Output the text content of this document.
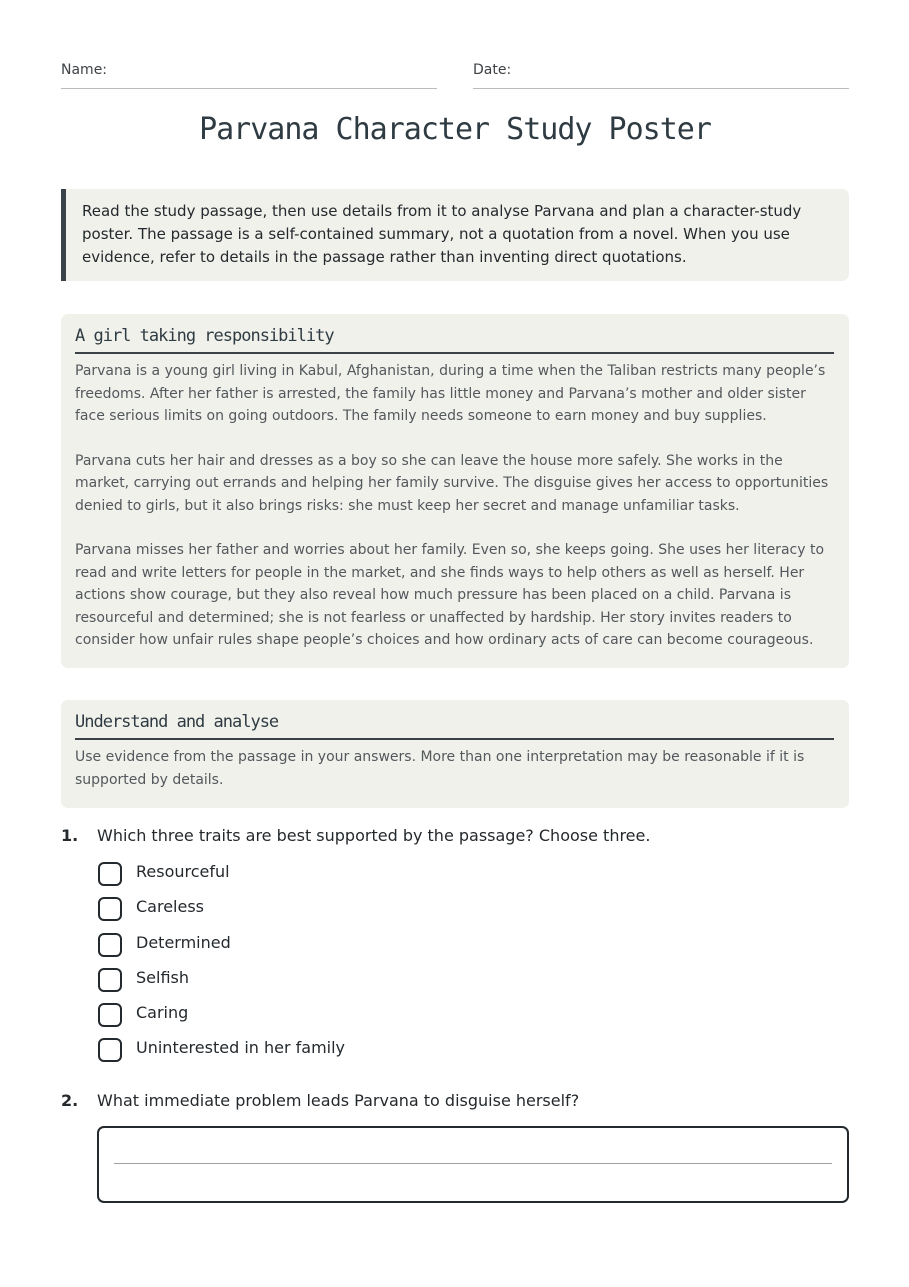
Name:	Date:
Parvana Character Study Poster
Read the study passage, then use details from it to analyse Parvana and plan a character-study poster. The passage is a self-contained summary, not a quotation from a novel. When you use evidence, refer to details in the passage rather than inventing direct quotations.
A girl taking responsibility

Parvana is a young girl living in Kabul, Afghanistan, during a time when the Taliban restricts many people’s freedoms. After her father is arrested, the family has little money and Parvana’s mother and older sister face serious limits on going outdoors. The family needs someone to earn money and buy supplies.

Parvana cuts her hair and dresses as a boy so she can leave the house more safely. She works in the market, carrying out errands and helping her family survive. The disguise gives her access to opportunities denied to girls, but it also brings risks: she must keep her secret and manage unfamiliar tasks.

Parvana misses her father and worries about her family. Even so, she keeps going. She uses her literacy to read and write letters for people in the market, and she finds ways to help others as well as herself. Her actions show courage, but they also reveal how much pressure has been placed on a child. Parvana is resourceful and determined; she is not fearless or unaffected by hardship. Her story invites readers to consider how unfair rules shape people’s choices and how ordinary acts of care can become courageous.

Understand and analyse
Use evidence from the passage in your answers. More than one interpretation may be reasonable if it is supported by details.
1. Which three traits are best supported by the passage? Choose three.
Resourceful
Careless
Determined
Selfish
Caring
Uninterested in her family
2. What immediate problem leads Parvana to disguise herself?
